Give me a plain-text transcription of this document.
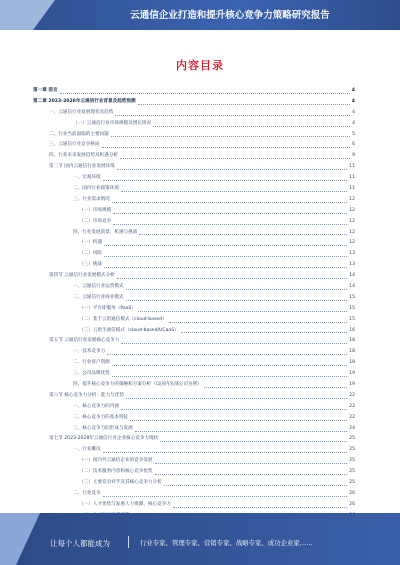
云通信企业打造和提升核心竞争力策略研究报告
内容目录
第一章 前言	4
第二章 2023-2028年云通信行业背景及趋势预测	4
一、云通信行业发展现状及趋势	4
（一）云通信行业市场规模及增长情况	4
二、行业当前面临的主要问题	5
三、云通信行业竞争格局	6
四、行业未来发展趋势及机遇分析	9
第三节 国内云通信行业发展环境	11
一、宏观环境	11
二、国内行业政策环境	11
三、行业需求情况	12
（一）市场规模	12
（二）市场竞争	12
四、行业发展前景、机遇与挑战	12
（一）机遇	12
（二）风险	13
（三）挑战	13
第四节 云通信行业发展模式分析	14
一、云通信行业运营模式	14
二、云通信行业商业模式	15
（一）平台即服务（PaaS）	15
（二）基于云的通信模式（cloud-based）	15
（三）云原生通信模式（cloud-based/UCaaS）	16
第五节 云通信行业发展核心竞争力	18
一、技术竞争力	18
二、行业客户资源	18
三、公司品牌优势	19
四、提升核心竞争力的策略和方案分析（以国内头部公司为例）	19
第六节 核心竞争力分析：能力与优势	22
一、核心竞争力的内涵	22
二、核心竞争力的基本特征	22
三、核心竞争力的形成与发展	24
第七节 2023-2028年云通信行业企业核心竞争力现状	25
一、行业概况	25
（一）国内外云通信企业的竞争发展	25
（二）技术服务内容和核心竞争优势	25
（三）主要竞争对手及其核心竞争力分析	25
二、行业竞争	26
（一）人才优势与发展人力资源、核心竞争力	26
让每个人都能成为	行业专家、管理专家、营销专家、战略专家、成功企业家……
